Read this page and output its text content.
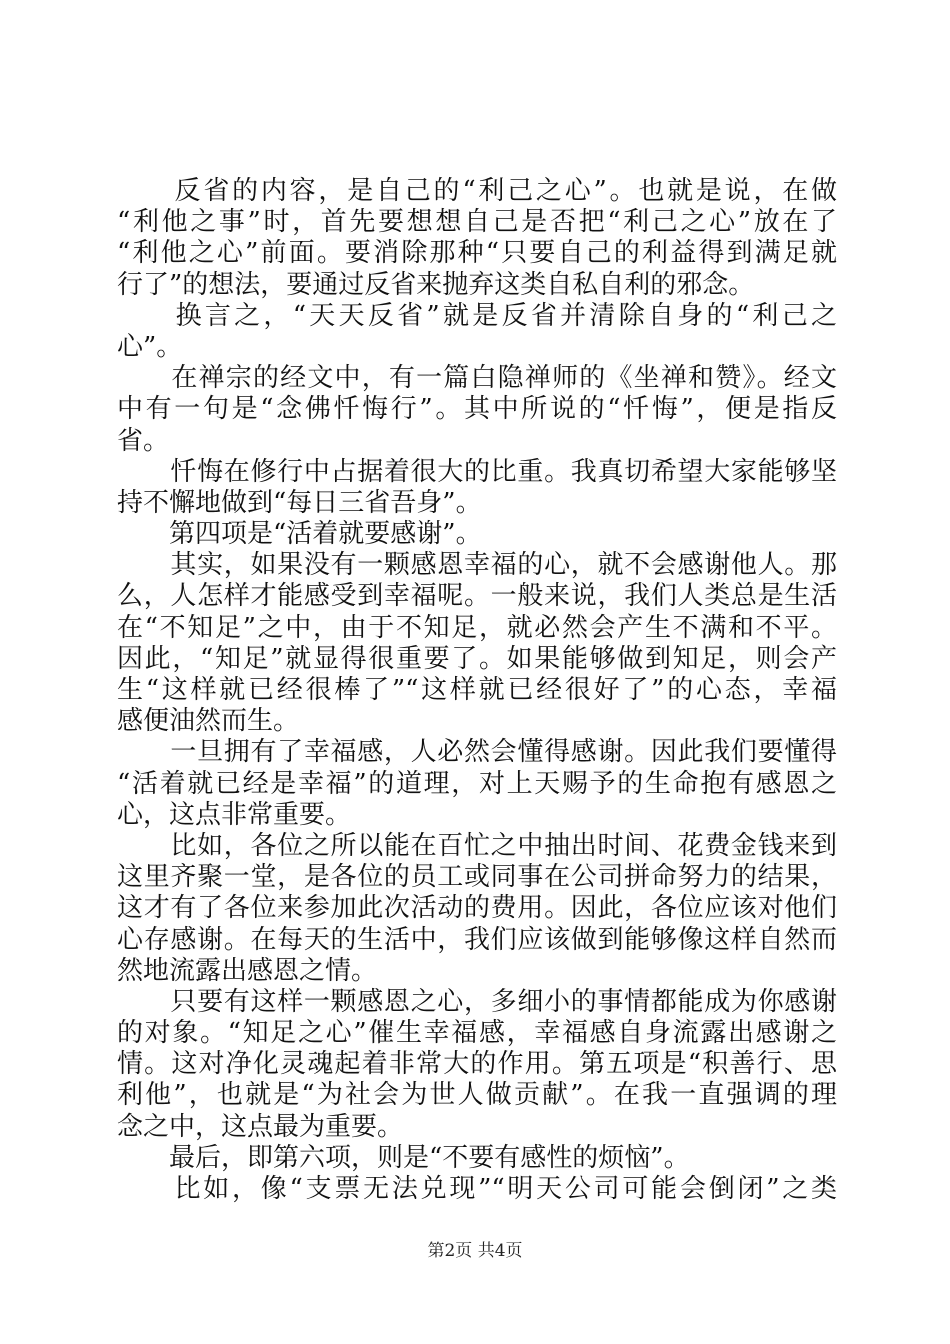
　　反省的内容，是自己的“利己之心”。也就是说，在做
“利他之事”时，首先要想想自己是否把“利己之心”放在了
“利他之心”前面。要消除那种“只要自己的利益得到满足就
行了”的想法，要通过反省来抛弃这类自私自利的邪念。
　　换言之，“天天反省”就是反省并清除自身的“利己之
心”。
　　在禅宗的经文中，有一篇白隐禅师的《坐禅和赞》。经文
中有一句是“念佛忏悔行”。其中所说的“忏悔”，便是指反
省。
　　忏悔在修行中占据着很大的比重。我真切希望大家能够坚
持不懈地做到“每日三省吾身”。
　　第四项是“活着就要感谢”。
　　其实，如果没有一颗感恩幸福的心，就不会感谢他人。那
么，人怎样才能感受到幸福呢。一般来说，我们人类总是生活
在“不知足”之中，由于不知足，就必然会产生不满和不平。
因此，“知足”就显得很重要了。如果能够做到知足，则会产
生“这样就已经很棒了”“这样就已经很好了”的心态，幸福
感便油然而生。
　　一旦拥有了幸福感，人必然会懂得感谢。因此我们要懂得
“活着就已经是幸福”的道理，对上天赐予的生命抱有感恩之
心，这点非常重要。
　　比如，各位之所以能在百忙之中抽出时间、花费金钱来到
这里齐聚一堂，是各位的员工或同事在公司拼命努力的结果，
这才有了各位来参加此次活动的费用。因此，各位应该对他们
心存感谢。在每天的生活中，我们应该做到能够像这样自然而
然地流露出感恩之情。
　　只要有这样一颗感恩之心，多细小的事情都能成为你感谢
的对象。“知足之心”催生幸福感，幸福感自身流露出感谢之
情。这对净化灵魂起着非常大的作用。第五项是“积善行、思
利他”，也就是“为社会为世人做贡献”。在我一直强调的理
念之中，这点最为重要。
　　最后，即第六项，则是“不要有感性的烦恼”。
　　比如，像“支票无法兑现”“明天公司可能会倒闭”之类
第2页 共4页
